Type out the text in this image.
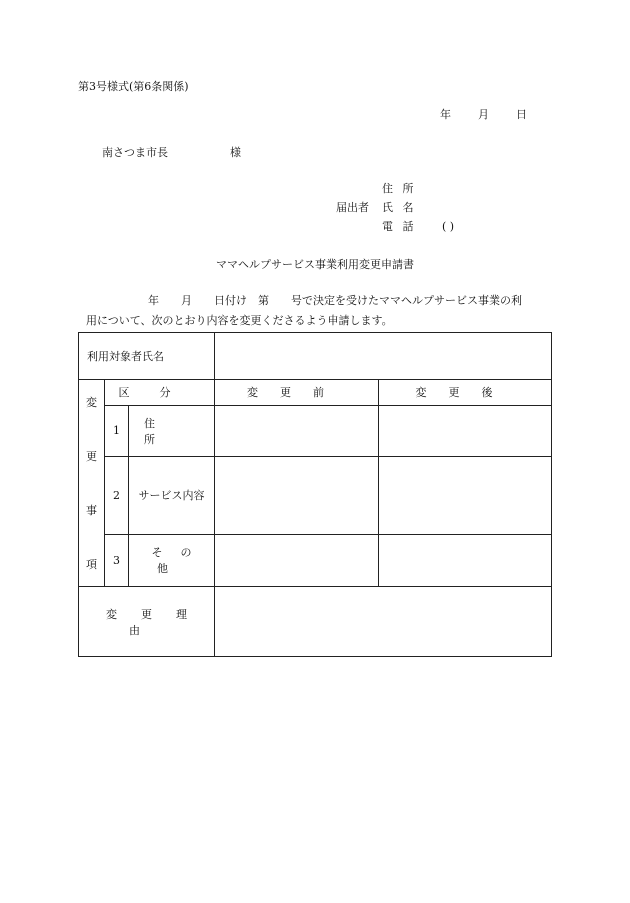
第3号様式(第6条関係)
年 月 日
南さつま市長	様
住 所
届出者	氏 名
電 話	( )
ママヘルプサービス事業利用変更申請書
年　　月　　日付け　第　　号で決定を受けたママヘルプサービス事業の利
用について、次のとおり内容を変更くださるよう申請します。
利用対象者氏名				

変
更
事
項	区分		変更前	変更後
	1	住所		

	2	サービス内容		
	3	その他		
変更理由				
